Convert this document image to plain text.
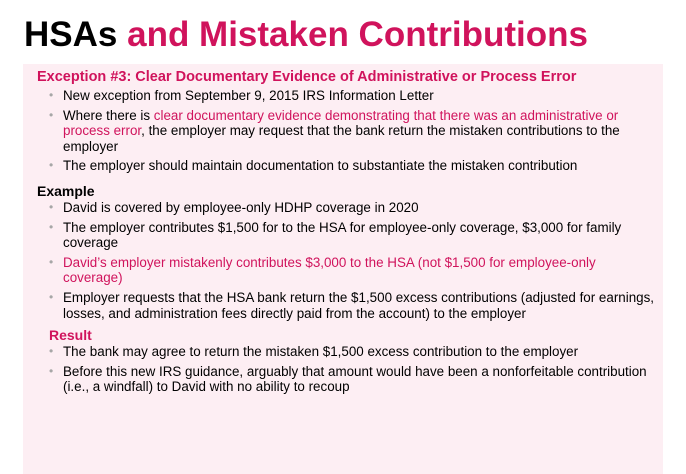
HSAs and Mistaken Contributions
Exception #3: Clear Documentary Evidence of Administrative or Process Error
• New exception from September 9, 2015 IRS Information Letter
• Where there is clear documentary evidence demonstrating that there was an administrative or process error, the employer may request that the bank return the mistaken contributions to the employer
• The employer should maintain documentation to substantiate the mistaken contribution
Example
• David is covered by employee-only HDHP coverage in 2020
• The employer contributes $1,500 for to the HSA for employee-only coverage, $3,000 for family coverage
• David’s employer mistakenly contributes $3,000 to the HSA (not $1,500 for employee-only coverage)
• Employer requests that the HSA bank return the $1,500 excess contributions (adjusted for earnings, losses, and administration fees directly paid from the account) to the employer
Result
• The bank may agree to return the mistaken $1,500 excess contribution to the employer
• Before this new IRS guidance, arguably that amount would have been a nonforfeitable contribution (i.e., a windfall) to David with no ability to recoup
